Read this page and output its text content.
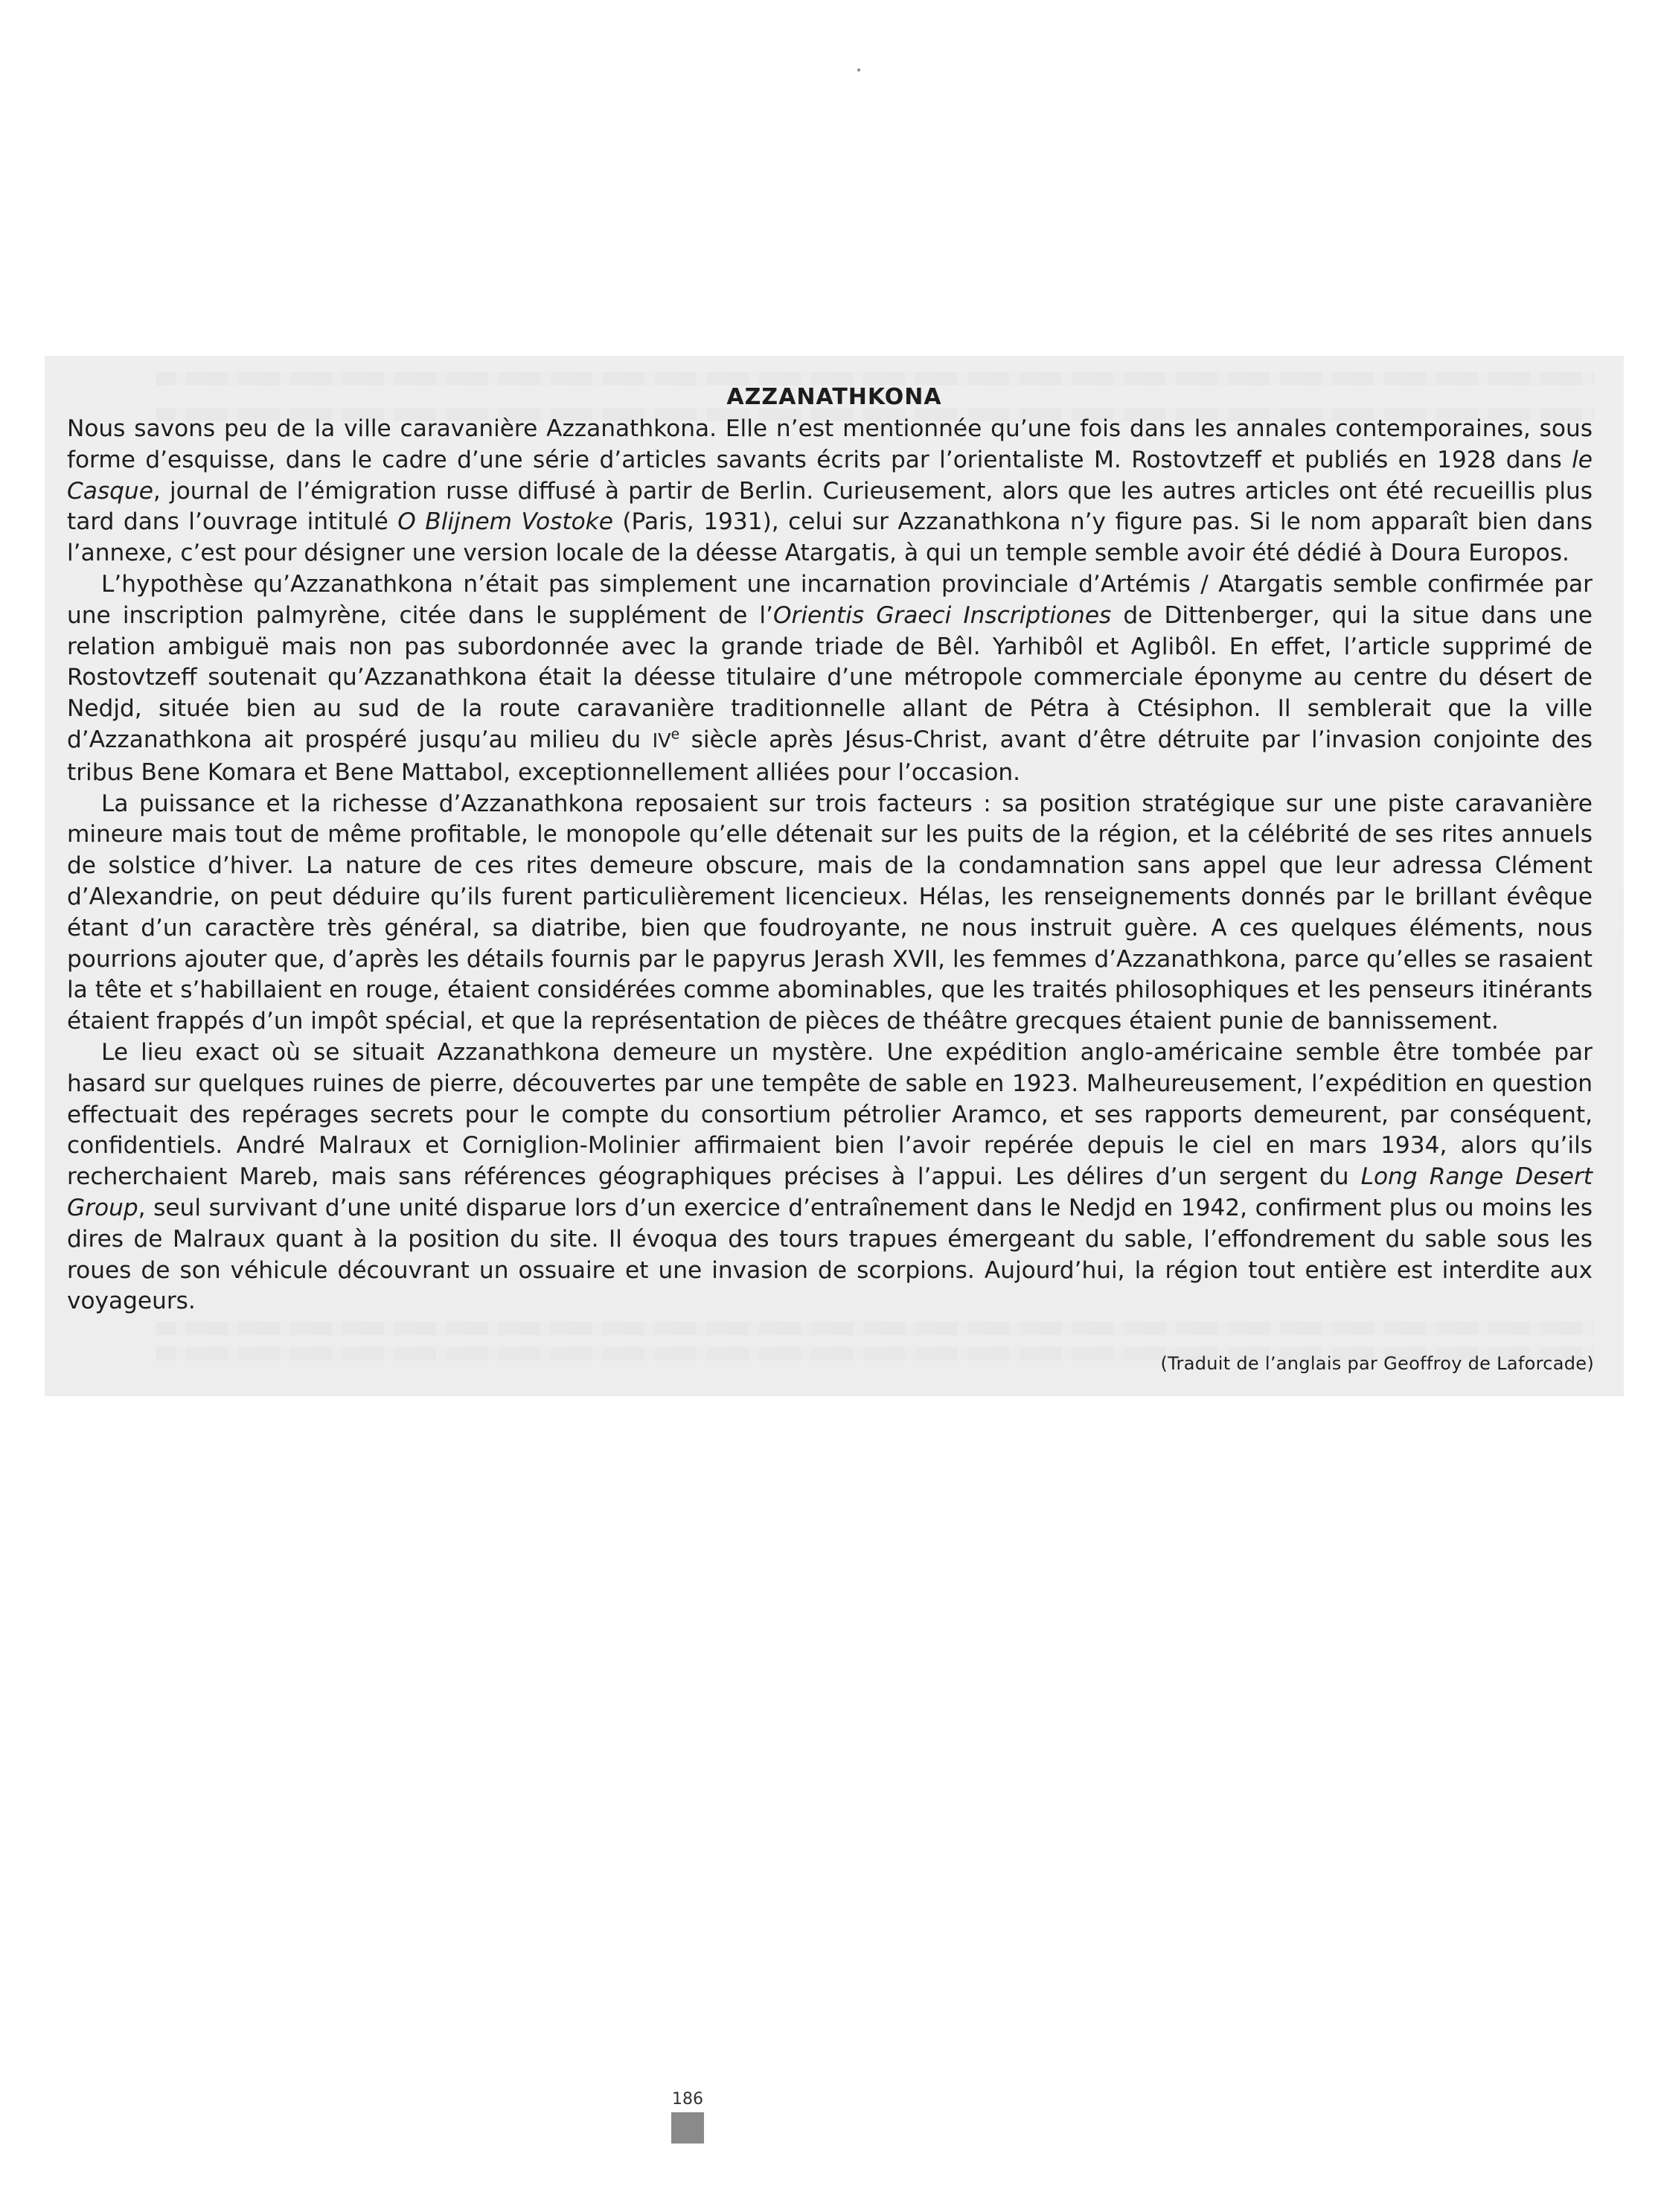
AZZANATHKONA

Nous savons peu de la ville caravanière Azzanathkona. Elle n’est mentionnée qu’une fois dans les annales contemporaines, sous forme d’esquisse, dans le cadre d’une série d’articles savants écrits par l’orientaliste M. Rostovtzeff et publiés en 1928 dans le Casque, journal de l’émigration russe diffusé à partir de Berlin. Curieusement, alors que les autres articles ont été recueillis plus tard dans l’ouvrage intitulé O Blijnem Vostoke (Paris, 1931), celui sur Azzanathkona n’y figure pas. Si le nom apparaît bien dans l’annexe, c’est pour désigner une version locale de la déesse Atargatis, à qui un temple semble avoir été dédié à Doura Europos.

L’hypothèse qu’Azzanathkona n’était pas simplement une incarnation provinciale d’Artémis / Atargatis semble confirmée par une inscription palmyrène, citée dans le supplément de l’Orientis Graeci Inscriptiones de Dittenberger, qui la situe dans une relation ambiguë mais non pas subordonnée avec la grande triade de Bêl. Yarhibôl et Aglibôl. En effet, l’article supprimé de Rostovtzeff soutenait qu’Azzanathkona était la déesse titulaire d’une métropole commerciale éponyme au centre du désert de Nedjd, située bien au sud de la route caravanière traditionnelle allant de Pétra à Ctésiphon. Il semblerait que la ville d’Azzanathkona ait prospéré jusqu’au milieu du IVe siècle après Jésus-Christ, avant d’être détruite par l’invasion conjointe des tribus Bene Komara et Bene Mattabol, exceptionnellement alliées pour l’occasion.

La puissance et la richesse d’Azzanathkona reposaient sur trois facteurs : sa position stratégique sur une piste caravanière mineure mais tout de même profitable, le monopole qu’elle détenait sur les puits de la région, et la célébrité de ses rites annuels de solstice d’hiver. La nature de ces rites demeure obscure, mais de la condamnation sans appel que leur adressa Clément d’Alexandrie, on peut déduire qu’ils furent particulièrement licencieux. Hélas, les renseignements donnés par le brillant évêque étant d’un caractère très général, sa diatribe, bien que foudroyante, ne nous instruit guère. A ces quelques éléments, nous pourrions ajouter que, d’après les détails fournis par le papyrus Jerash XVII, les femmes d’Azzanathkona, parce qu’elles se rasaient la tête et s’habillaient en rouge, étaient considérées comme abominables, que les traités philosophiques et les penseurs itinérants étaient frappés d’un impôt spécial, et que la représentation de pièces de théâtre grecques étaient punie de bannissement.

Le lieu exact où se situait Azzanathkona demeure un mystère. Une expédition anglo-américaine semble être tombée par hasard sur quelques ruines de pierre, découvertes par une tempête de sable en 1923. Malheureusement, l’expédition en question effectuait des repérages secrets pour le compte du consortium pétrolier Aramco, et ses rapports demeurent, par conséquent, confidentiels. André Malraux et Corniglion-Molinier affirmaient bien l’avoir repérée depuis le ciel en mars 1934, alors qu’ils recherchaient Mareb, mais sans références géographiques précises à l’appui. Les délires d’un sergent du Long Range Desert Group, seul survivant d’une unité disparue lors d’un exercice d’entraînement dans le Nedjd en 1942, confirment plus ou moins les dires de Malraux quant à la position du site. Il évoqua des tours trapues émergeant du sable, l’effondrement du sable sous les roues de son véhicule découvrant un ossuaire et une invasion de scorpions. Aujourd’hui, la région tout entière est interdite aux voyageurs.

(Traduit de l’anglais par Geoffroy de Laforcade)
186
